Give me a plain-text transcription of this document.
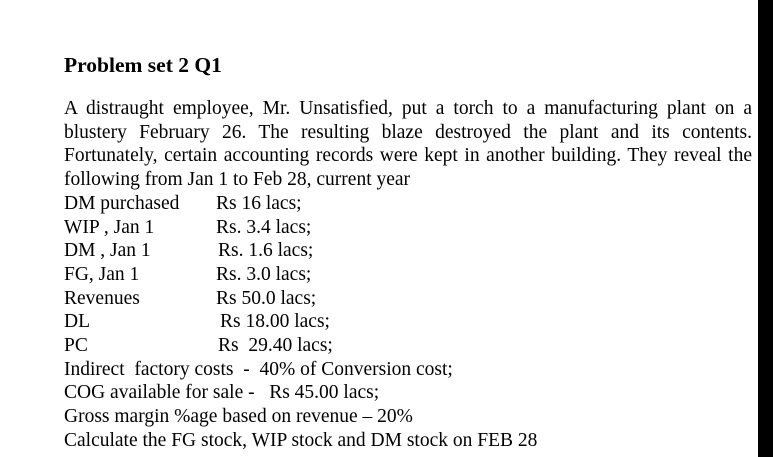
Problem set 2 Q1

A distraught employee, Mr. Unsatisfied, put a torch to a manufacturing plant on a blustery February 26. The resulting blaze destroyed the plant and its contents. Fortunately, certain accounting records were kept in another building. They reveal the following from Jan 1 to Feb 28, current year

DM purchased Rs 16 lacs;
WIP , Jan 1	Rs. 3.4 lacs;
DM , Jan 1	Rs. 1.6 lacs;
FG, Jan 1	Rs. 3.0 lacs;
Revenues	Rs 50.0 lacs;
DL	Rs 18.00 lacs;
PC	Rs  29.40 lacs;
Indirect  factory costs  -  40% of Conversion cost;
COG available for sale -   Rs 45.00 lacs;
Gross margin %age based on revenue – 20%
Calculate the FG stock, WIP stock and DM stock on FEB 28
